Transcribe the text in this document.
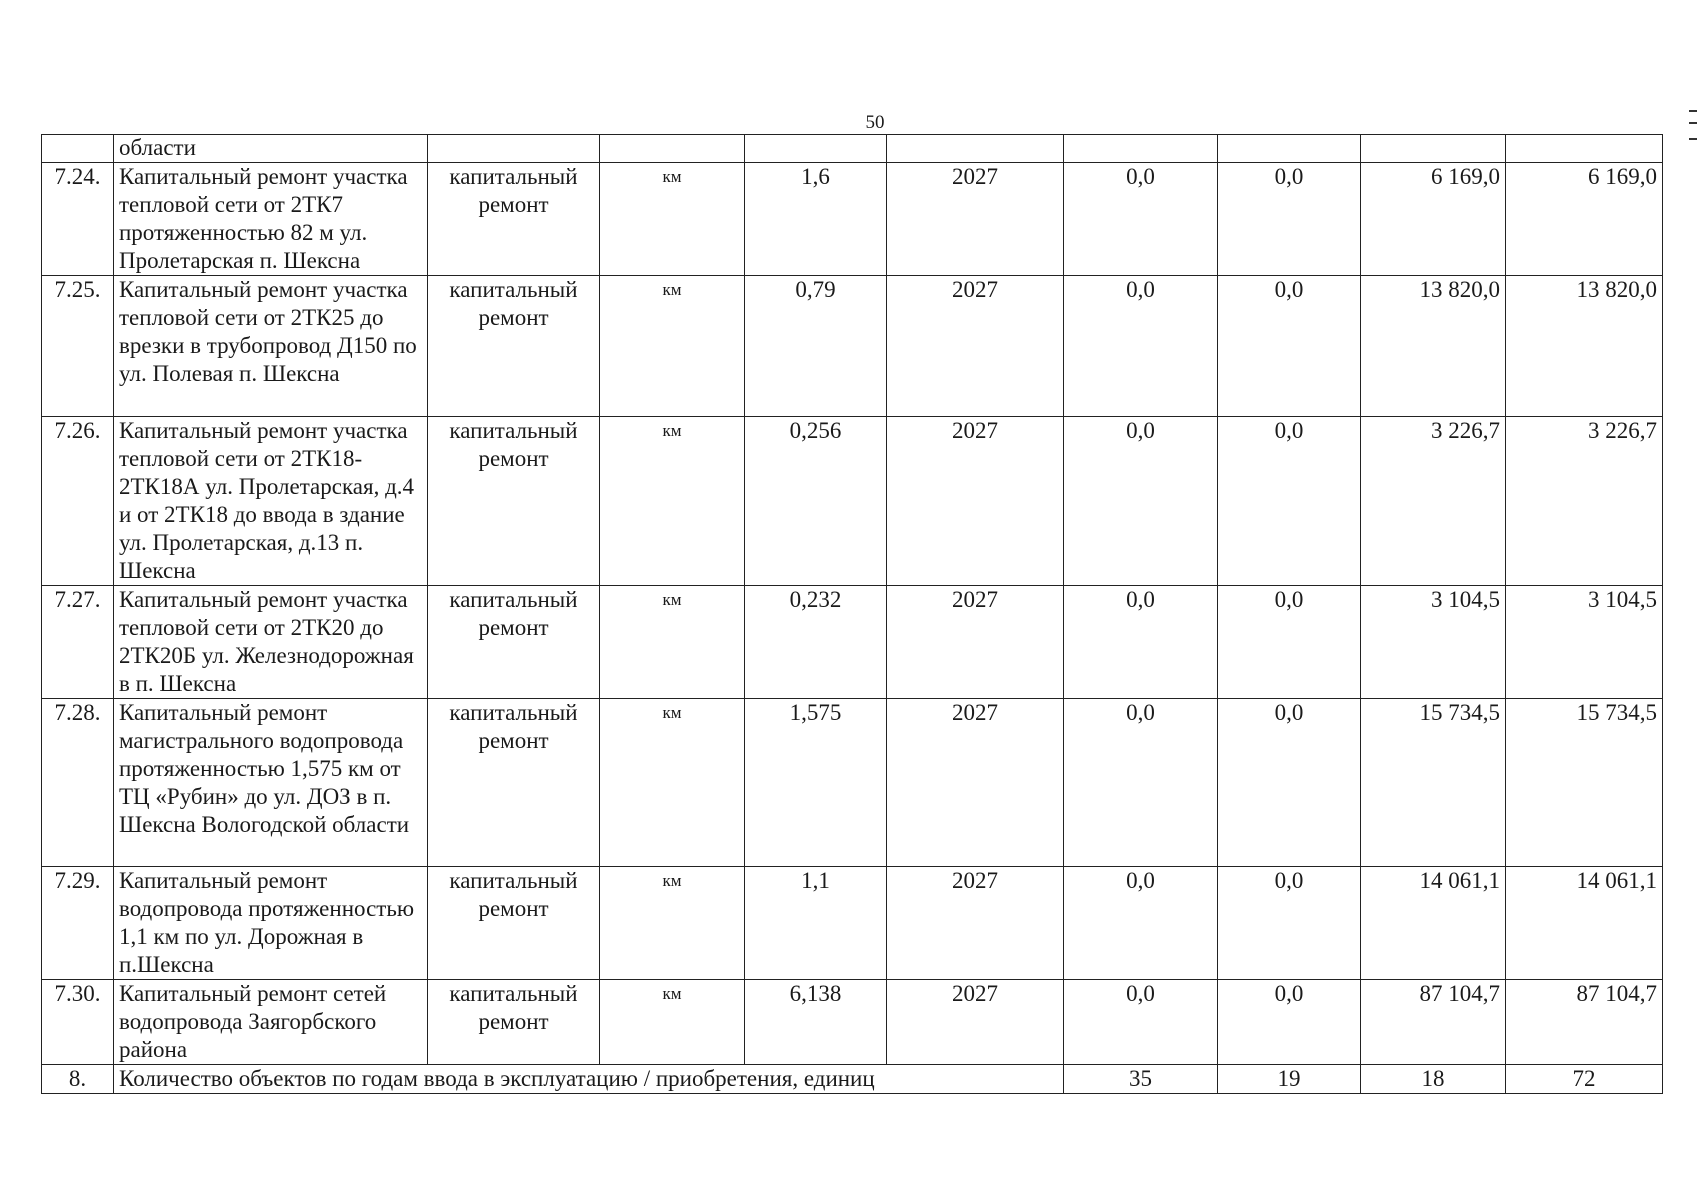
50
	области								
7.24.	Капитальный ремонт участка тепловой сети от 2ТК7 протяженностью 82 м ул. Пролетарская п. Шексна	капитальный ремонт	км	1,6	2027	0,0	0,0	6 169,0	6 169,0
7.25.	Капитальный ремонт участка тепловой сети от 2ТК25 до врезки в трубопровод Д150 по ул. Полевая п. Шексна	капитальный ремонт	км	0,79	2027	0,0	0,0	13 820,0	13 820,0
7.26.	Капитальный ремонт участка тепловой сети от 2ТК18-2ТК18А ул. Пролетарская, д.4 и от 2ТК18 до ввода в здание ул. Пролетарская, д.13 п. Шексна	капитальный ремонт	км	0,256	2027	0,0	0,0	3 226,7	3 226,7
7.27.	Капитальный ремонт участка тепловой сети от 2ТК20 до 2ТК20Б ул. Железнодорожная в п. Шексна	капитальный ремонт	км	0,232	2027	0,0	0,0	3 104,5	3 104,5
7.28.	Капитальный ремонт магистрального водопровода протяженностью 1,575 км от ТЦ «Рубин» до ул. ДОЗ в п. Шексна Вологодской области	капитальный ремонт	км	1,575	2027	0,0	0,0	15 734,5	15 734,5
7.29.	Капитальный ремонт водопровода протяженностью 1,1 км по ул. Дорожная в п.Шексна	капитальный ремонт	км	1,1	2027	0,0	0,0	14 061,1	14 061,1
7.30.	Капитальный ремонт сетей водопровода Заягорбского района	капитальный ремонт	км	6,138	2027	0,0	0,0	87 104,7	87 104,7
8.	Количество объектов по годам ввода в эксплуатацию / приобретения, единиц					35	19	18	72
